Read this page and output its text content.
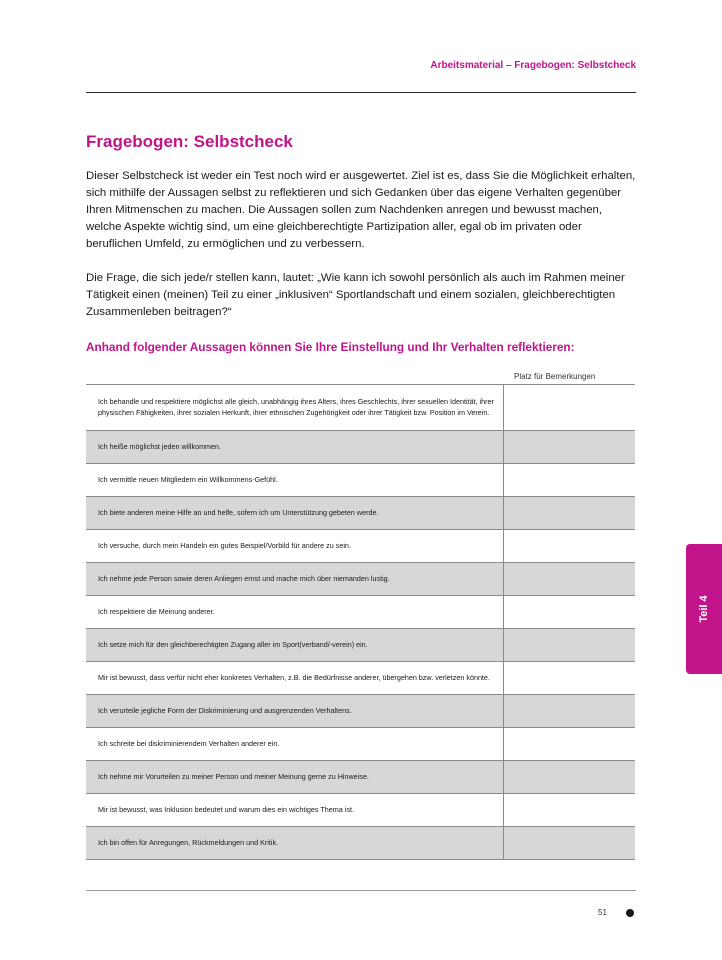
Arbeitsmaterial – Fragebogen: Selbstcheck
Fragebogen: Selbstcheck

Dieser Selbstcheck ist weder ein Test noch wird er ausgewertet. Ziel ist es, dass Sie die Möglichkeit erhalten, sich mithilfe der Aussagen selbst zu reflektieren und sich Gedanken über das eigene Verhalten gegenüber Ihren Mitmenschen zu machen. Die Aussagen sollen zum Nachdenken anregen und bewusst machen, welche Aspekte wichtig sind, um eine gleichberechtigte Partizipation aller, egal ob im privaten oder beruflichen Umfeld, zu ermöglichen und zu verbessern.

Die Frage, die sich jede/r stellen kann, lautet: „Wie kann ich sowohl persönlich als auch im Rahmen meiner Tätigkeit einen (meinen) Teil zu einer „inklusiven“ Sportlandschaft und einem sozialen, gleichberechtigten Zusammenleben beitragen?“

Anhand folgender Aussagen können Sie Ihre Einstellung und Ihr Verhalten reflektieren:
Platz für Bemerkungen
Ich behandle und respektiere möglichst alle gleich, unabhängig ihres Alters, ihres Geschlechts, ihrer sexuellen Identität, ihrer physischen Fähigkeiten, ihrer sozialen Herkunft, ihrer ethnischen Zugehörigkeit oder ihrer Tätigkeit bzw. Position im Verein.
Ich heiße möglichst jeden willkommen.
Ich vermittle neuen Mitgliedern ein Willkommens-Gefühl.
Ich biete anderen meine Hilfe an und helfe, sofern ich um Unterstützung gebeten werde.
Ich versuche, durch mein Handeln ein gutes Beispiel/Vorbild für andere zu sein.
Ich nehme jede Person sowie deren Anliegen ernst und mache mich über niemanden lustig.
Ich respektiere die Meinung anderer.
Ich setze mich für den gleichberechtigten Zugang aller im Sport(verband/-verein) ein.
Mir ist bewusst, dass verfür nicht eher konkretes Verhalten, z.B. die Bedürfnisse anderer, übergehen bzw. verletzen könnte.
Ich verurteile jegliche Form der Diskriminierung und ausgrenzenden Verhaltens.
Ich schreite bei diskriminierendem Verhalten anderer ein.
Ich nehme mir Vorurteilen zu meiner Person und meiner Meinung gerne zu Hinweise.
Mir ist bewusst, was Inklusion bedeutet und warum dies ein wichtiges Thema ist.
Ich bin offen für Anregungen, Rückmeldungen und Kritik.
Teil 4
51
